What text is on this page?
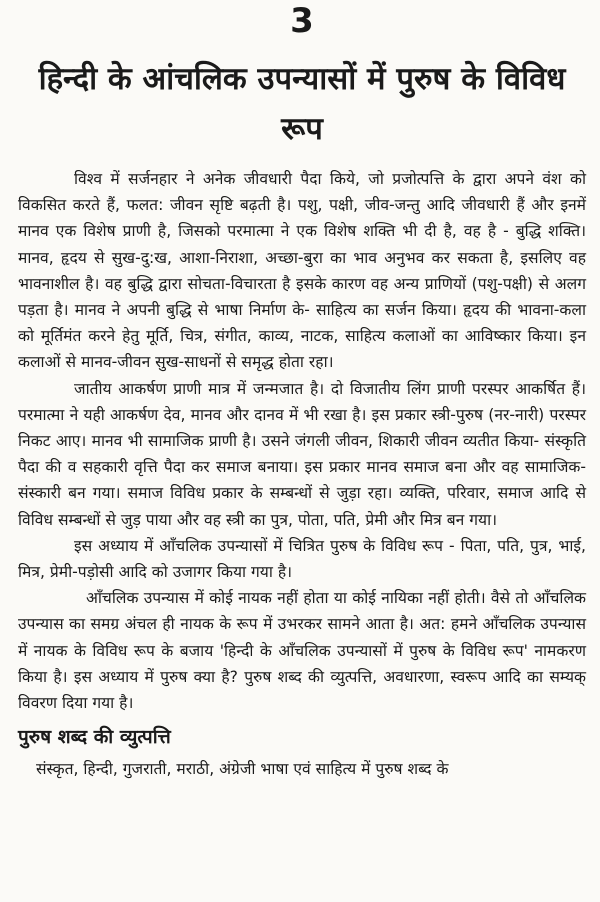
3
हिन्दी के आंचलिक उपन्यासों में पुरुष के विविध रूप

विश्व में सर्जनहार ने अनेक जीवधारी पैदा किये, जो प्रजोत्पत्ति के द्वारा अपने वंश को विकसित करते हैं, फलत: जीवन सृष्टि बढ़ती है। पशु, पक्षी, जीव-जन्तु आदि जीवधारी हैं और इनमें मानव एक विशेष प्राणी है, जिसको परमात्मा ने एक विशेष शक्ति भी दी है, वह है - बुद्धि शक्ति। मानव, हृदय से सुख-दु:ख, आशा-निराशा, अच्छा-बुरा का भाव अनुभव कर सकता है, इसलिए वह भावनाशील है। वह बुद्धि द्वारा सोचता-विचारता है इसके कारण वह अन्य प्राणियों (पशु-पक्षी) से अलग पड़ता है। मानव ने अपनी बुद्धि से भाषा निर्माण के- साहित्य का सर्जन किया। हृदय की भावना-कला को मूर्तिमंत करने हेतु मूर्ति, चित्र, संगीत, काव्य, नाटक, साहित्य कलाओं का आविष्कार किया। इन कलाओं से मानव-जीवन सुख-साधनों से समृद्ध होता रहा।

जातीय आकर्षण प्राणी मात्र में जन्मजात है। दो विजातीय लिंग प्राणी परस्पर आकर्षित हैं। परमात्मा ने यही आकर्षण देव, मानव और दानव में भी रखा है। इस प्रकार स्त्री-पुरुष (नर-नारी) परस्पर निकट आए। मानव भी सामाजिक प्राणी है। उसने जंगली जीवन, शिकारी जीवन व्यतीत किया- संस्कृति पैदा की व सहकारी वृत्ति पैदा कर समाज बनाया। इस प्रकार मानव समाज बना और वह सामाजिक- संस्कारी बन गया। समाज विविध प्रकार के सम्बन्धों से जुड़ा रहा। व्यक्ति, परिवार, समाज आदि से विविध सम्बन्धों से जुड़ पाया और वह स्त्री का पुत्र, पोता, पति, प्रेमी और मित्र बन गया।

इस अध्याय में आँचलिक उपन्यासों में चित्रित पुरुष के विविध रूप - पिता, पति, पुत्र, भाई, मित्र, प्रेमी-पड़ोसी आदि को उजागर किया गया है।

आँचलिक उपन्यास में कोई नायक नहीं होता या कोई नायिका नहीं होती। वैसे तो आँचलिक उपन्यास का समग्र अंचल ही नायक के रूप में उभरकर सामने आता है। अत: हमने आँचलिक उपन्यास में नायक के विविध रूप के बजाय 'हिन्दी के आँचलिक उपन्यासों में पुरुष के विविध रूप' नामकरण किया है। इस अध्याय में पुरुष क्या है? पुरुष शब्द की व्युत्पत्ति, अवधारणा, स्वरूप आदि का सम्यक् विवरण दिया गया है।

पुरुष शब्द की व्युत्पत्ति

संस्कृत, हिन्दी, गुजराती, मराठी, अंग्रेजी भाषा एवं साहित्य में पुरुष शब्द के
